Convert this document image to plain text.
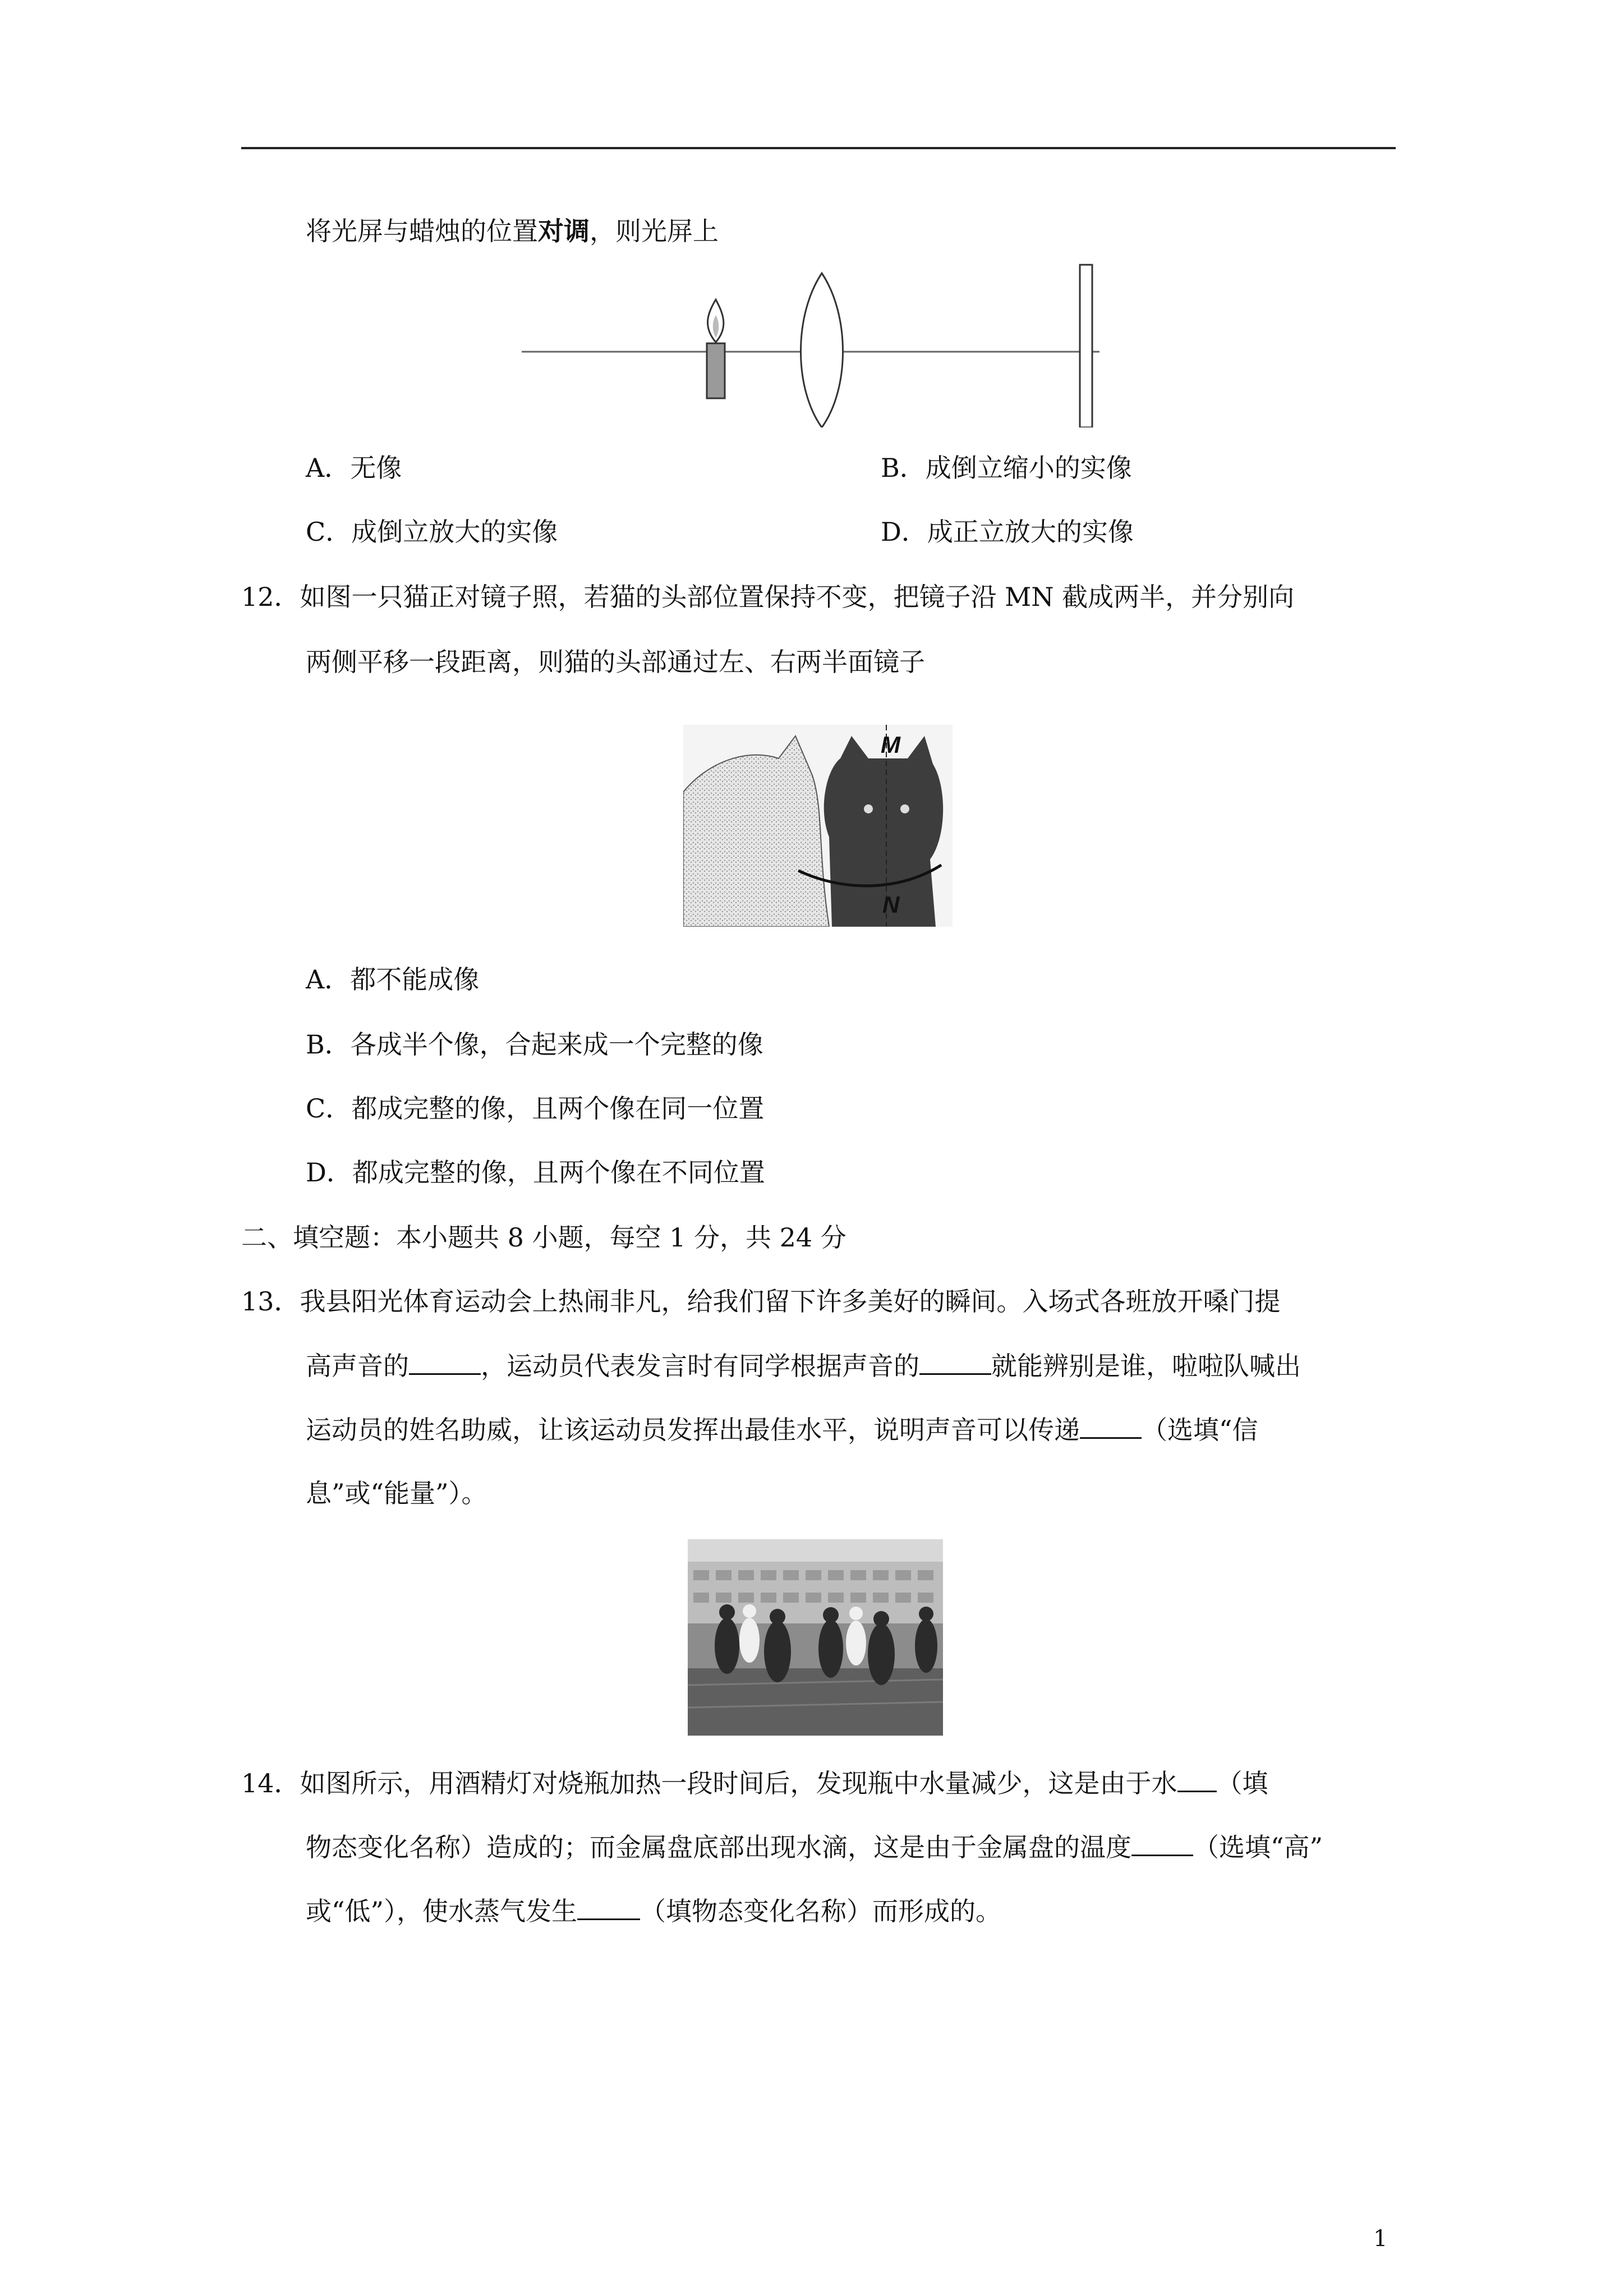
将光屏与蜡烛的位置对调，则光屏上
A．无像	B．成倒立缩小的实像
C．成倒立放大的实像	D．成正立放大的实像
12．如图一只猫正对镜子照，若猫的头部位置保持不变，把镜子沿 MN 截成两半，并分别向
两侧平移一段距离，则猫的头部通过左、右两半面镜子
M
N
A．都不能成像
B．各成半个像，合起来成一个完整的像
C．都成完整的像，且两个像在同一位置
D．都成完整的像，且两个像在不同位置
二、填空题：本小题共 8 小题，每空 1 分，共 24 分
13．我县阳光体育运动会上热闹非凡，给我们留下许多美好的瞬间。入场式各班放开嗓门提
高声音的	，运动员代表发言时有同学根据声音的	就能辨别是谁，啦啦队喊出
运动员的姓名助威，让该运动员发挥出最佳水平，说明声音可以传递 （选填“信
息”或“能量”）。
14．如图所示，用酒精灯对烧瓶加热一段时间后，发现瓶中水量减少，这是由于水 （填
物态变化名称）造成的；而金属盘底部出现水滴，这是由于金属盘的温度 （选填“高”
或“低”），使水蒸气发生 （填物态变化名称）而形成的。
1
